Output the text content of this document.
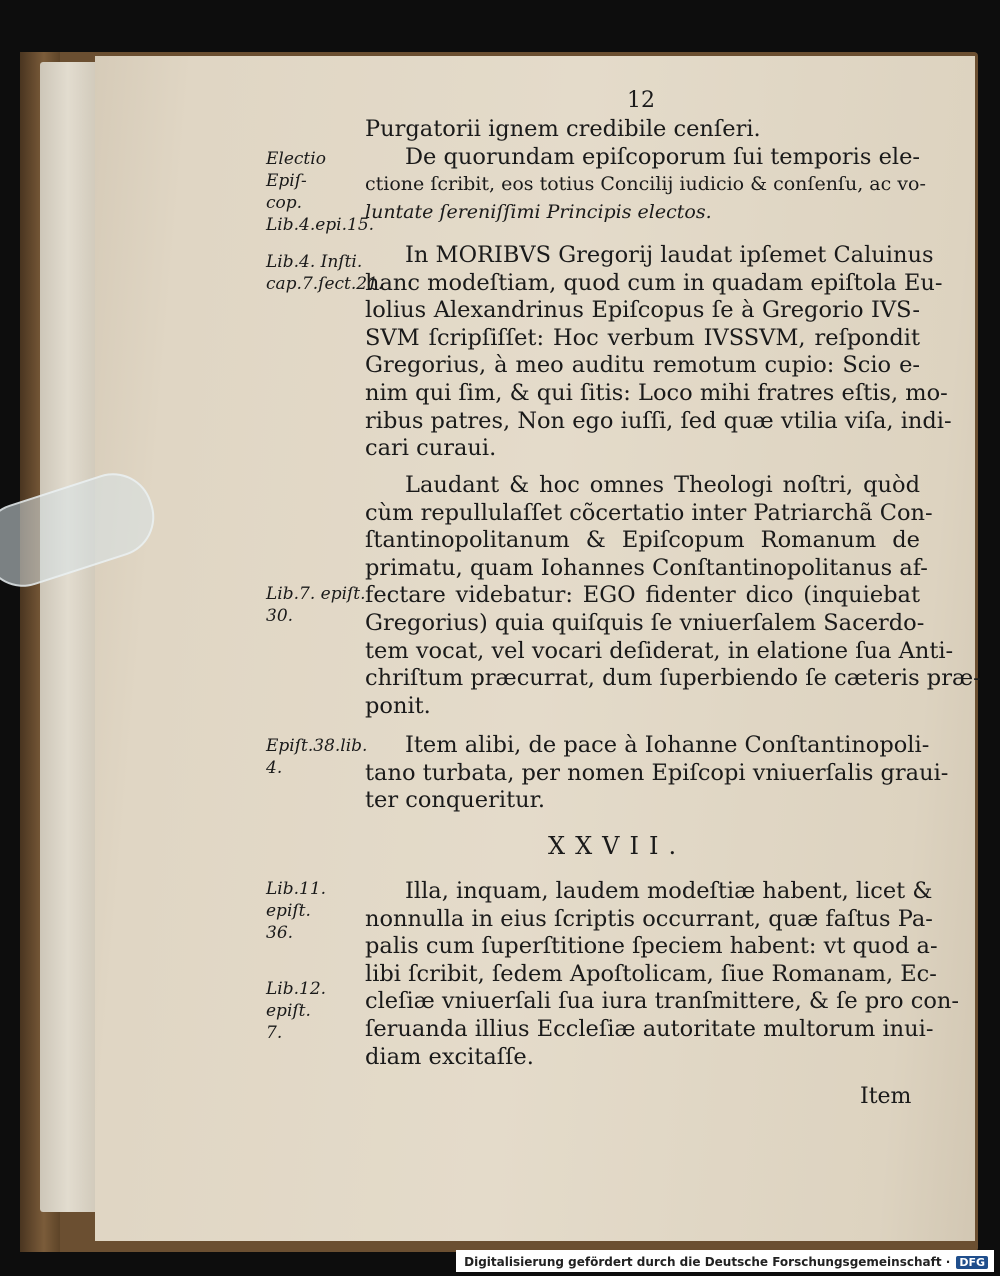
12
Electio Epiſ-
cop.
Lib.4.epi.15.
Lib.4. Inſti.
cap.7.ſect.21.
Lib.7. epiſt.
30.
Epiſt.38.lib.
4.
Lib.11. epiſt.
36.
Lib.12. epiſt.
7.
Purgatorii ignem credibile cenſeri.
De quorundam epiſcoporum ſui temporis ele-
ctione ſcribit, eos totius Concilij iudicio & conſenſu, ac vo-
luntate ſereniſſimi Principis electos.
In MORIBVS Gregorij laudat ipſemet Caluinus
hanc modeſtiam, quod cum in quadam epiſtola Eu-
lolius Alexandrinus Epiſcopus ſe à Gregorio IVS-
SVM ſcripſiſſet: Hoc verbum IVSSVM, reſpondit
Gregorius, à meo auditu remotum cupio: Scio e-
nim qui ſim, & qui ſitis: Loco mihi fratres eſtis, mo-
ribus patres, Non ego iuſſi, ſed quæ vtilia viſa, indi-
cari curaui.
Laudant & hoc omnes Theologi noſtri, quòd
cùm repullulaſſet cõcertatio inter Patriarchã Con-
ſtantinopolitanum & Epiſcopum Romanum de
primatu, quam Iohannes Conſtantinopolitanus af-
fectare videbatur: EGO fidenter dico (inquiebat
Gregorius) quia quiſquis ſe vniuerſalem Sacerdo-
tem vocat, vel vocari deſiderat, in elatione ſua Anti-
chriſtum præcurrat, dum ſuperbiendo ſe cæteris præ-
ponit.
Item alibi, de pace à Iohanne Conſtantinopoli-
tano turbata, per nomen Epiſcopi vniuerſalis graui-
ter conqueritur.
XXVII.
Illa, inquam, laudem modeſtiæ habent, licet &
nonnulla in eius ſcriptis occurrant, quæ faſtus Pa-
palis cum ſuperſtitione ſpeciem habent: vt quod a-
libi ſcribit, ſedem Apoſtolicam, ſiue Romanam, Ec-
cleſiæ vniuerſali ſua iura tranſmittere, & ſe pro con-
ſeruanda illius Eccleſiæ autoritate multorum inui-
diam excitaſſe.
Item
Digitalisierung gefördert durch die Deutsche Forschungsgemeinschaft · DFG
